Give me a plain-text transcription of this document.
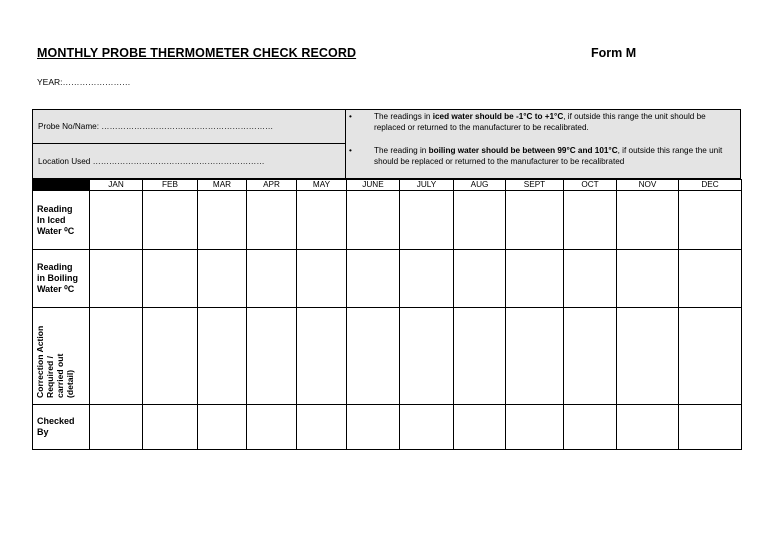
MONTHLY PROBE THERMOMETER CHECK RECORD	Form M
YEAR:……………………
Probe No/Name: ………………………………………………………
Location Used ………………………………………………………
•	The readings in iced water should be -1°C to +1°C, if outside this range the unit should be replaced or returned to the manufacturer to be recalibrated.
•	The reading in boiling water should be between 99°C and 101°C, if outside this range the unit should be replaced or returned to the manufacturer to be recalibrated
	JAN	FEB	MAR	APR	MAY	JUNE	JULY	AUG	SEPT	OCT	NOV	DEC
Reading
In Iced
Water ⁰C												
Reading
in Boiling
Water ⁰C												

Correction Action
Required /
carried out
(detail)												

Checked
By												
